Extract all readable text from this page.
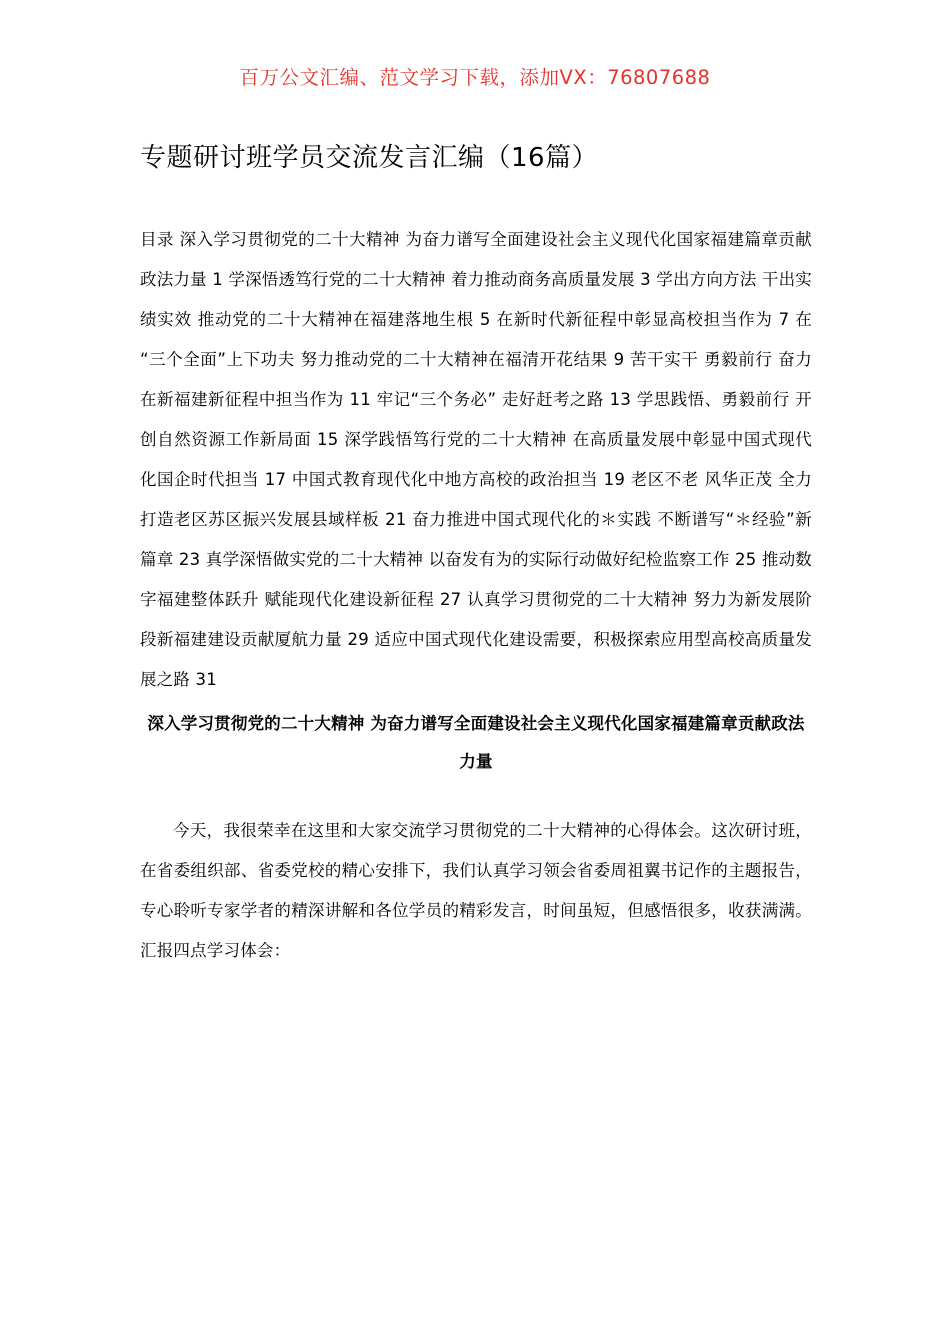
百万公文汇编、范文学习下载，添加VX：76807688
专题研讨班学员交流发言汇编（16篇）

目录 深入学习贯彻党的二十大精神 为奋力谱写全面建设社会主义现代化国家福建篇章贡献政法力量 1 学深悟透笃行党的二十大精神 着力推动商务高质量发展 3 学出方向方法 干出实绩实效 推动党的二十大精神在福建落地生根 5 在新时代新征程中彰显高校担当作为 7 在“三个全面”上下功夫 努力推动党的二十大精神在福清开花结果 9 苦干实干 勇毅前行 奋力在新福建新征程中担当作为 11 牢记“三个务必” 走好赶考之路 13 学思践悟、勇毅前行 开创自然资源工作新局面 15 深学践悟笃行党的二十大精神 在高质量发展中彰显中国式现代化国企时代担当 17 中国式教育现代化中地方高校的政治担当 19 老区不老 风华正茂 全力打造老区苏区振兴发展县域样板 21 奋力推进中国式现代化的＊实践 不断谱写“＊经验”新篇章 23 真学深悟做实党的二十大精神 以奋发有为的实际行动做好纪检监察工作 25 推动数字福建整体跃升 赋能现代化建设新征程 27 认真学习贯彻党的二十大精神 努力为新发展阶段新福建建设贡献厦航力量 29 适应中国式现代化建设需要，积极探索应用型高校高质量发展之路 31

深入学习贯彻党的二十大精神 为奋力谱写全面建设社会主义现代化国家福建篇章贡献政法力量

今天，我很荣幸在这里和大家交流学习贯彻党的二十大精神的心得体会。这次研讨班，在省委组织部、省委党校的精心安排下，我们认真学习领会省委周祖翼书记作的主题报告，专心聆听专家学者的精深讲解和各位学员的精彩发言，时间虽短，但感悟很多，收获满满。汇报四点学习体会：
